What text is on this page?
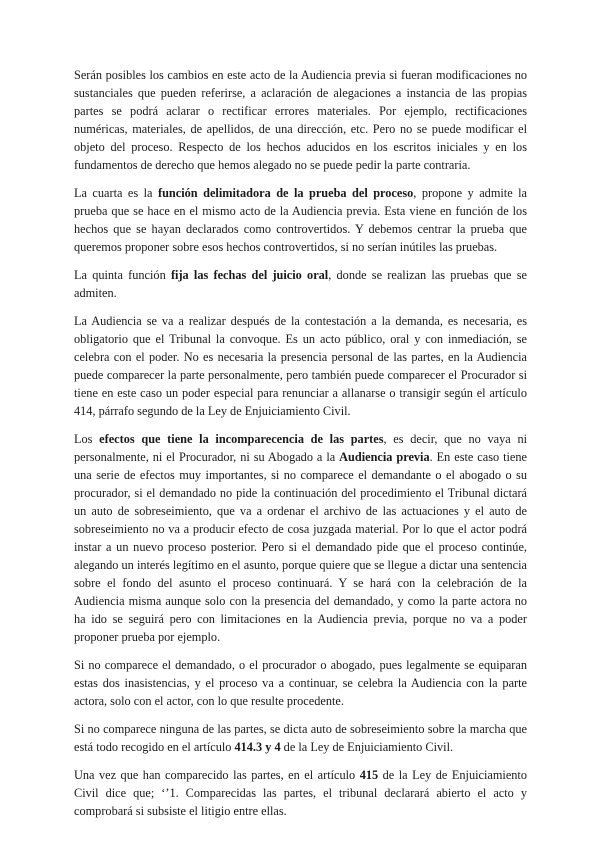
Serán posibles los cambios en este acto de la Audiencia previa si fueran modificaciones no sustanciales que pueden referirse, a aclaración de alegaciones a instancia de las propias partes se podrá aclarar o rectificar errores materiales. Por ejemplo, rectificaciones numéricas, materiales, de apellidos, de una dirección, etc. Pero no se puede modificar el objeto del proceso. Respecto de los hechos aducidos en los escritos iniciales y en los fundamentos de derecho que hemos alegado no se puede pedir la parte contraria.

La cuarta es la función delimitadora de la prueba del proceso, propone y admite la prueba que se hace en el mismo acto de la Audiencia previa. Esta viene en función de los hechos que se hayan declarados como controvertidos. Y debemos centrar la prueba que queremos proponer sobre esos hechos controvertidos, si no serían inútiles las pruebas.

La quinta función fija las fechas del juicio oral, donde se realizan las pruebas que se admiten.

La Audiencia se va a realizar después de la contestación a la demanda, es necesaria, es obligatorio que el Tribunal la convoque. Es un acto público, oral y con inmediación, se celebra con el poder. No es necesaria la presencia personal de las partes, en la Audiencia puede comparecer la parte personalmente, pero también puede comparecer el Procurador si tiene en este caso un poder especial para renunciar a allanarse o transigir según el artículo 414, párrafo segundo de la Ley de Enjuiciamiento Civil.

Los efectos que tiene la incomparecencia de las partes, es decir, que no vaya ni personalmente, ni el Procurador, ni su Abogado a la Audiencia previa. En este caso tiene una serie de efectos muy importantes, si no comparece el demandante o el abogado o su procurador, si el demandado no pide la continuación del procedimiento el Tribunal dictará un auto de sobreseimiento, que va a ordenar el archivo de las actuaciones y el auto de sobreseimiento no va a producir efecto de cosa juzgada material. Por lo que el actor podrá instar a un nuevo proceso posterior. Pero si el demandado pide que el proceso continúe, alegando un interés legítimo en el asunto, porque quiere que se llegue a dictar una sentencia sobre el fondo del asunto el proceso continuará. Y se hará con la celebración de la Audiencia misma aunque solo con la presencia del demandado, y como la parte actora no ha ido se seguirá pero con limitaciones en la Audiencia previa, porque no va a poder proponer prueba por ejemplo.

Si no comparece el demandado, o el procurador o abogado, pues legalmente se equiparan estas dos inasistencias, y el proceso va a continuar, se celebra la Audiencia con la parte actora, solo con el actor, con lo que resulte procedente.

Si no comparece ninguna de las partes, se dicta auto de sobreseimiento sobre la marcha que está todo recogido en el artículo 414.3 y 4 de la Ley de Enjuiciamiento Civil.

Una vez que han comparecido las partes, en el artículo 415 de la Ley de Enjuiciamiento Civil dice que; ‘’1. Comparecidas las partes, el tribunal declarará abierto el acto y comprobará si subsiste el litigio entre ellas.
